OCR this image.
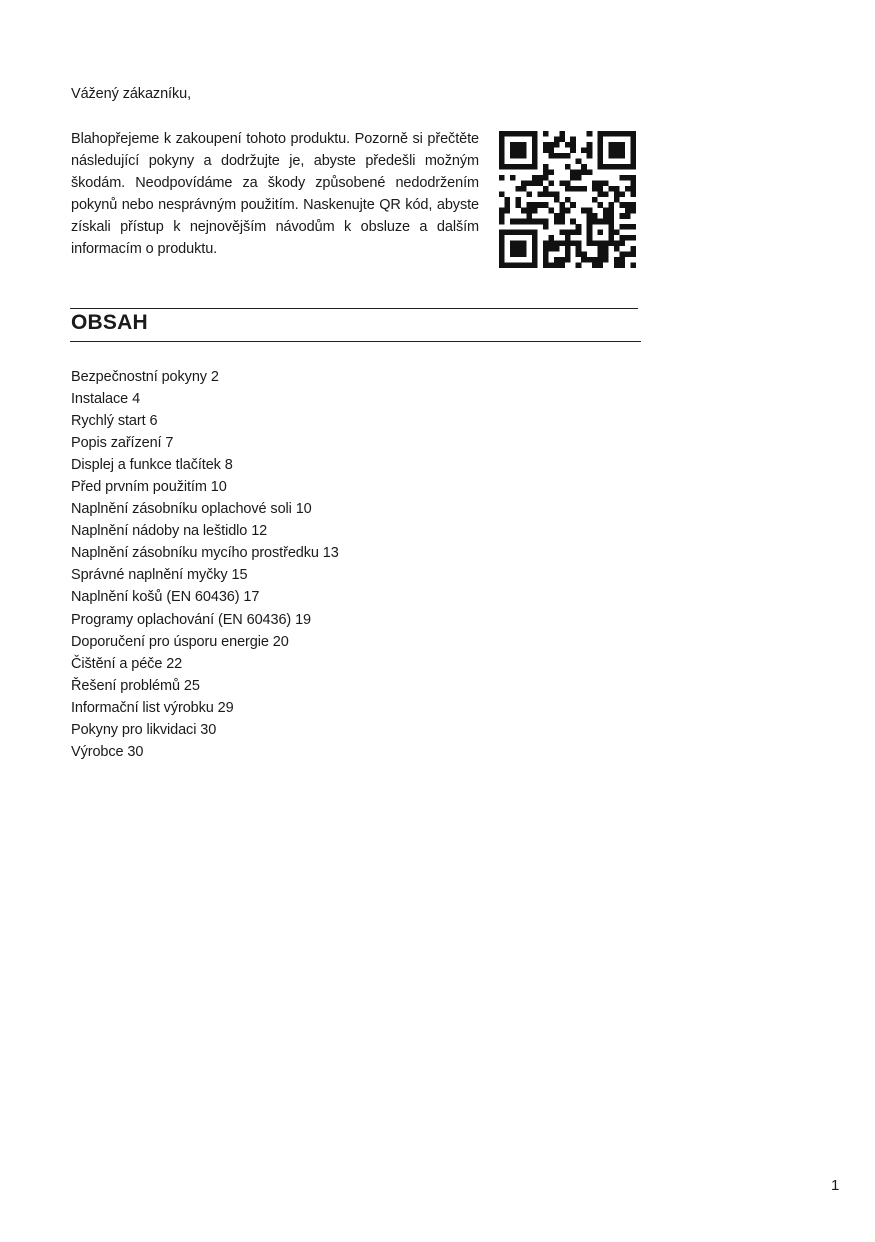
Vážený zákazníku,

Blahopřejeme k zakoupení tohoto produktu. Pozorně si přečtěte následující pokyny a dodržujte je, abyste předešli možným škodám. Neodpovídáme za škody způsobené nedodržením pokynů nebo nesprávným použitím. Naskenujte QR kód, abyste získali přístup k nejnovějším návodům k obsluze a dalším informacím o produktu.

OBSAH
Bezpečnostní pokyny 2
Instalace 4
Rychlý start 6
Popis zařízení 7
Displej a funkce tlačítek 8
Před prvním použitím 10
Naplnění zásobníku oplachové soli 10
Naplnění nádoby na leštidlo 12
Naplnění zásobníku mycího prostředku 13
Správné naplnění myčky 15
Naplnění košů (EN 60436) 17
Programy oplachování (EN 60436) 19
Doporučení pro úsporu energie 20
Čištění a péče 22
Řešení problémů 25
Informační list výrobku 29
Pokyny pro likvidaci 30
Výrobce 30
1
